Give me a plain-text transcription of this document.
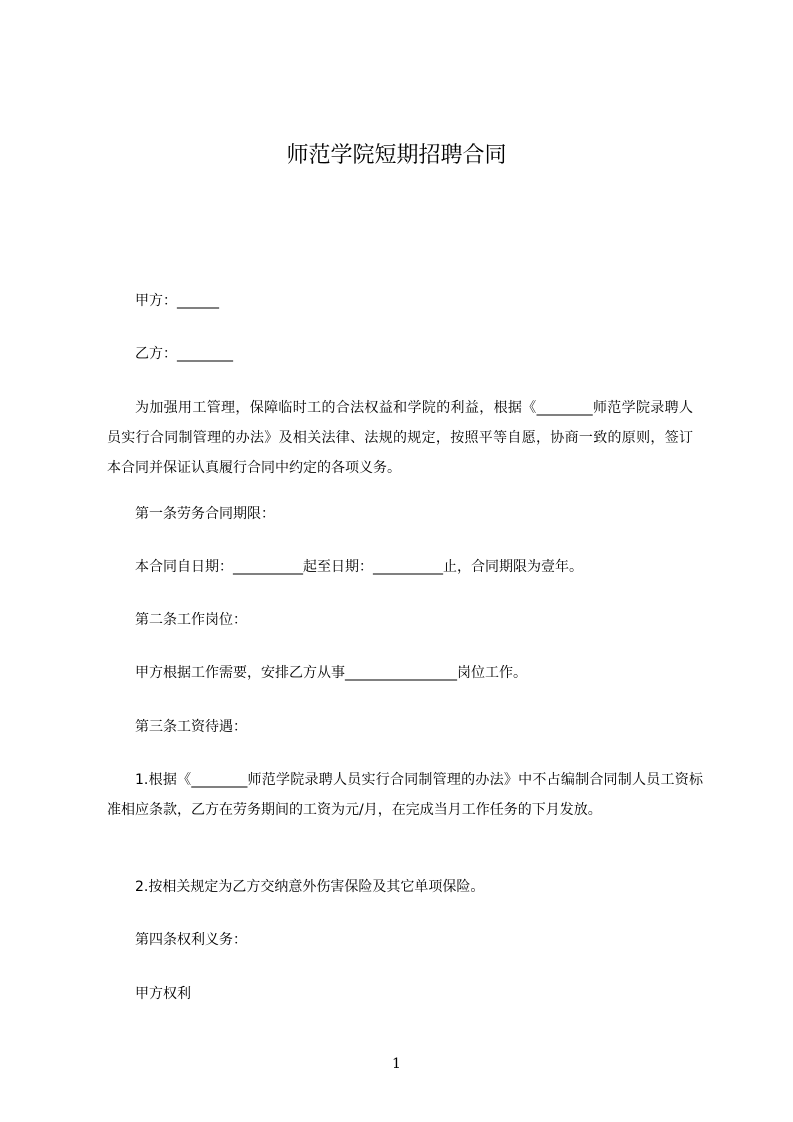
师范学院短期招聘合同

甲方：______

乙方：________

为加强用工管理，保障临时工的合法权益和学院的利益，根据《________师范学院录聘人员实行合同制管理的办法》及相关法律、法规的规定，按照平等自愿，协商一致的原则，签订本合同并保证认真履行合同中约定的各项义务。

第一条劳务合同期限：

本合同自日期：__________起至日期：__________止，合同期限为壹年。

第二条工作岗位：

甲方根据工作需要，安排乙方从事________________岗位工作。

第三条工资待遇：

1.根据《________师范学院录聘人员实行合同制管理的办法》中不占编制合同制人员工资标准相应条款，乙方在劳务期间的工资为元/月，在完成当月工作任务的下月发放。

2.按相关规定为乙方交纳意外伤害保险及其它单项保险。

第四条权利义务：

甲方权利

1
